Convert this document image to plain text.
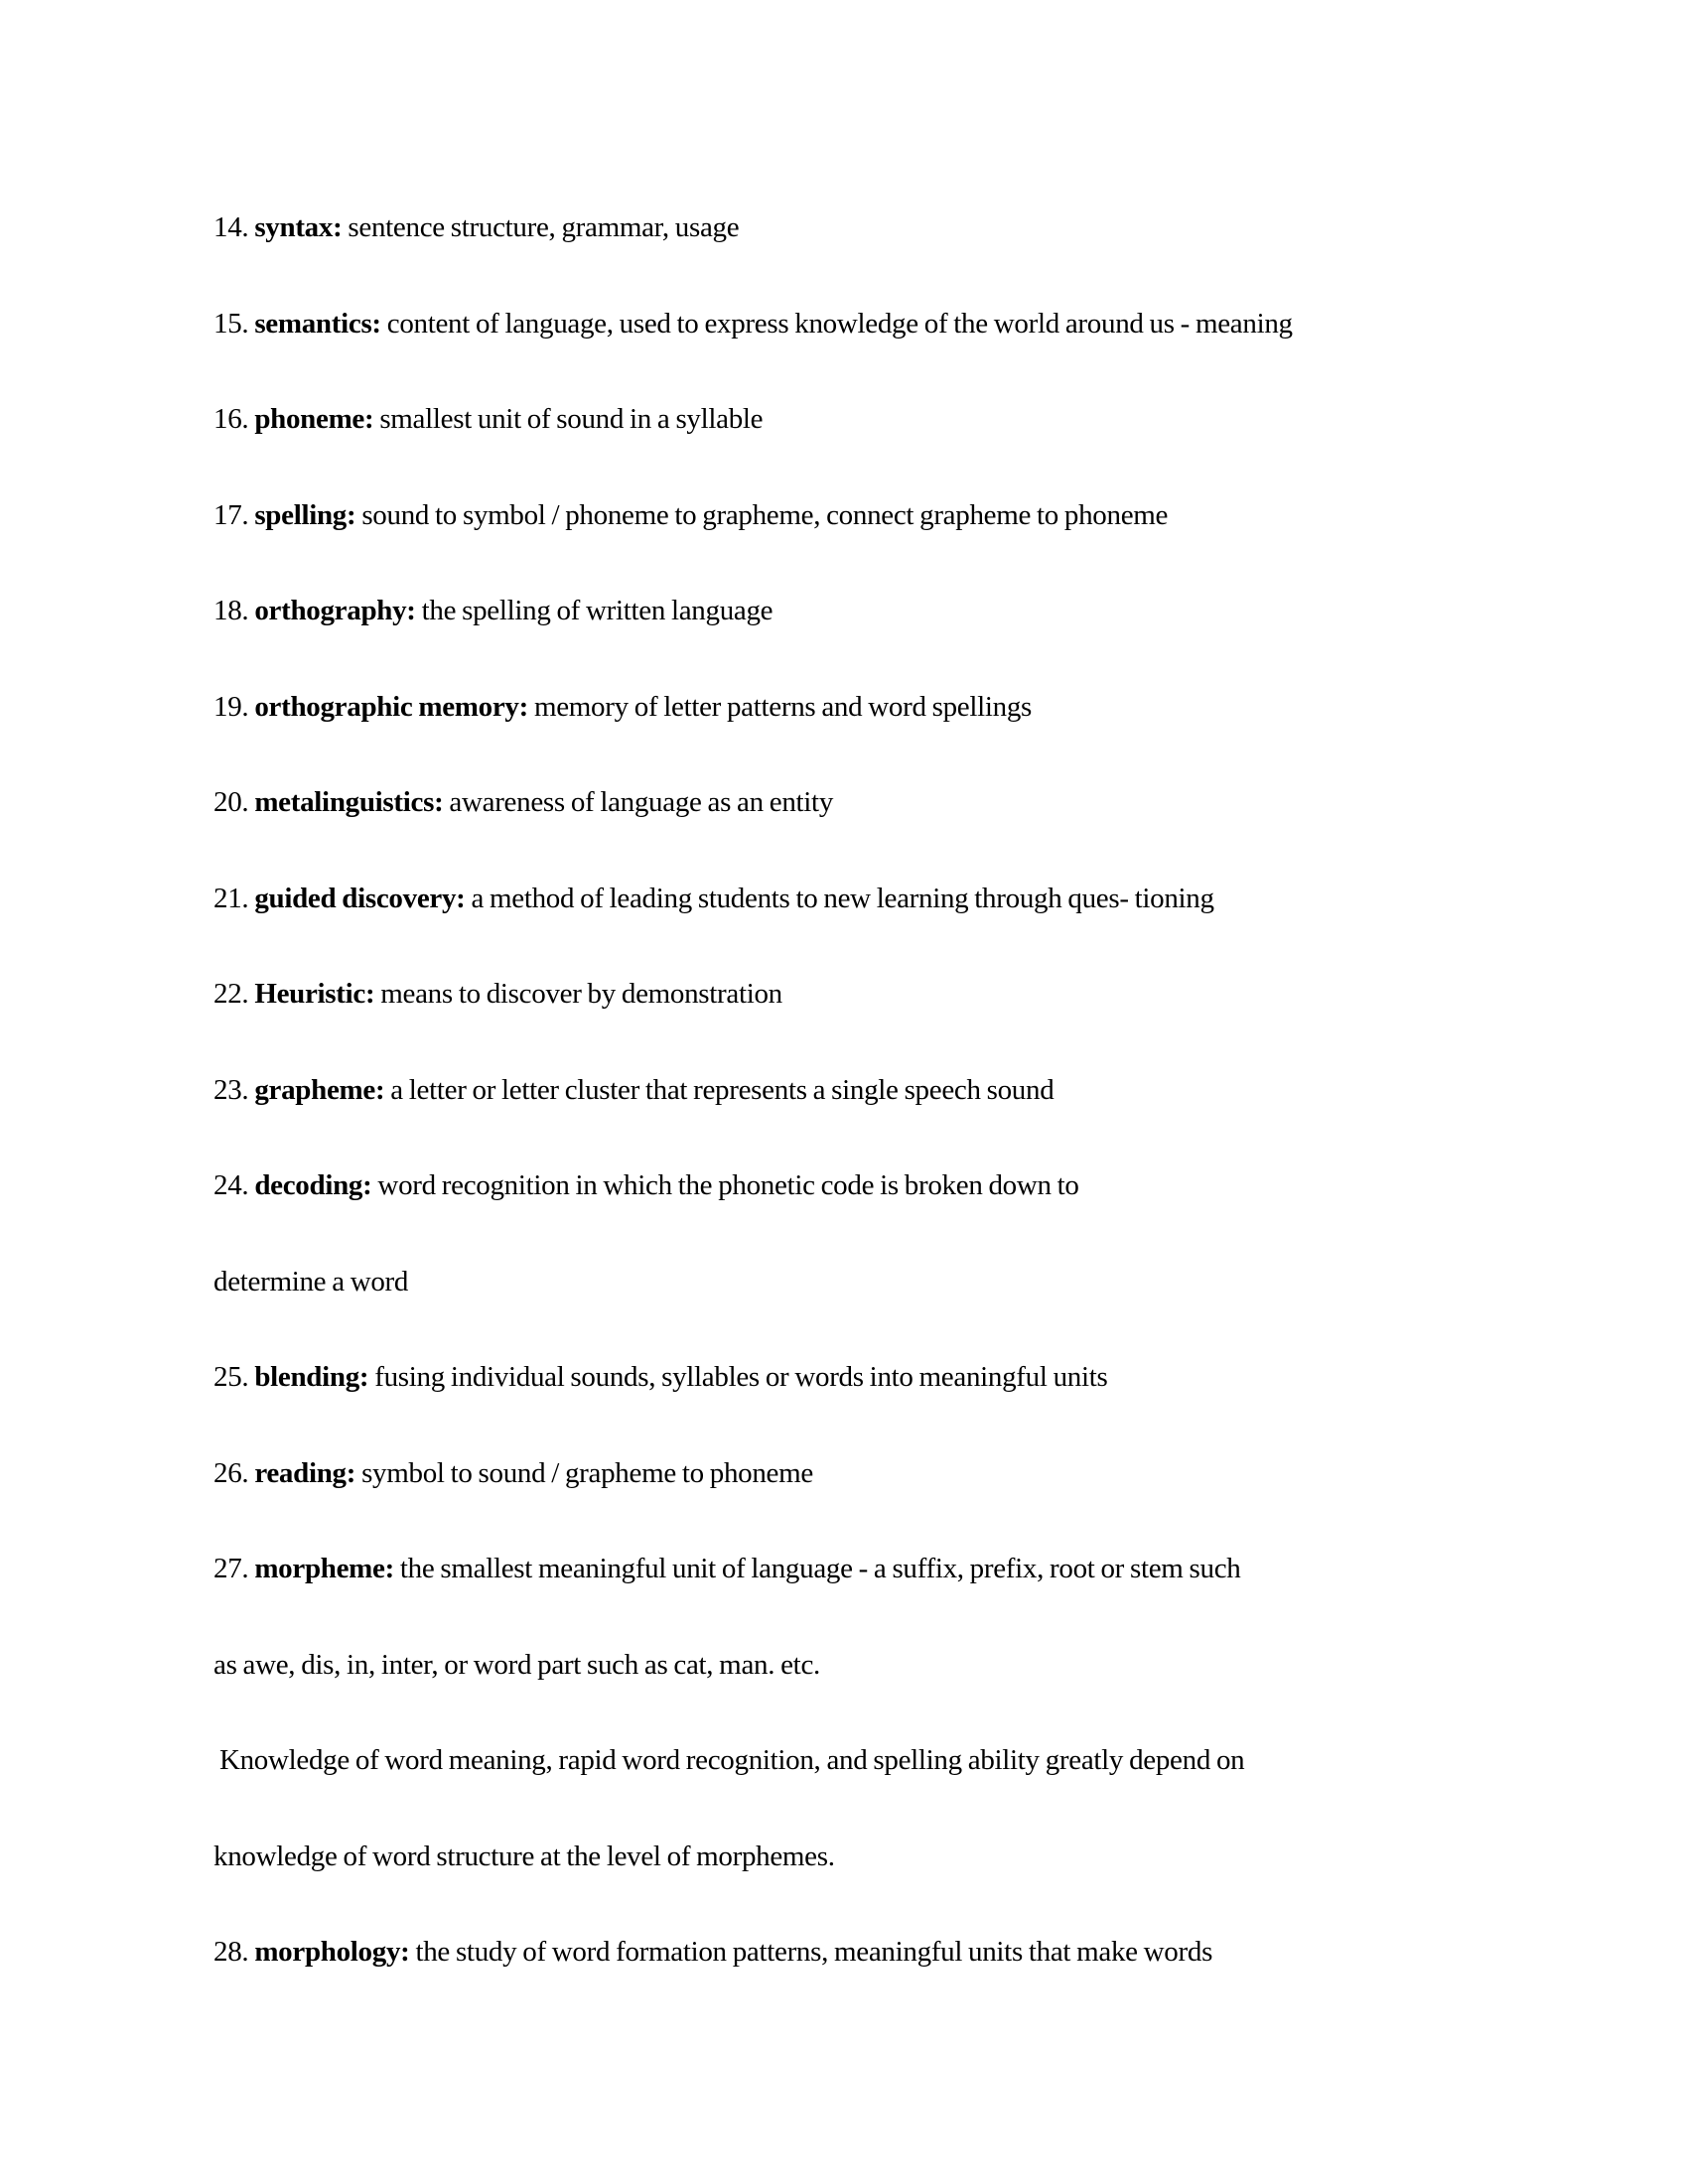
14. syntax: sentence structure, grammar, usage
15. semantics: content of language, used to express knowledge of the world around us - meaning
16. phoneme: smallest unit of sound in a syllable
17. spelling: sound to symbol / phoneme to grapheme, connect grapheme to phoneme
18. orthography: the spelling of written language
19. orthographic memory: memory of letter patterns and word spellings
20. metalinguistics: awareness of language as an entity
21. guided discovery: a method of leading students to new learning through ques- tioning
22. Heuristic: means to discover by demonstration
23. grapheme: a letter or letter cluster that represents a single speech sound
24. decoding: word recognition in which the phonetic code is broken down to
determine a word
25. blending: fusing individual sounds, syllables or words into meaningful units
26. reading: symbol to sound / grapheme to phoneme
27. morpheme: the smallest meaningful unit of language - a suffix, prefix, root or stem such
as awe, dis, in, inter, or word part such as cat, man. etc.
Knowledge of word meaning, rapid word recognition, and spelling ability greatly depend on
knowledge of word structure at the level of morphemes.
28. morphology: the study of word formation patterns, meaningful units that make words
